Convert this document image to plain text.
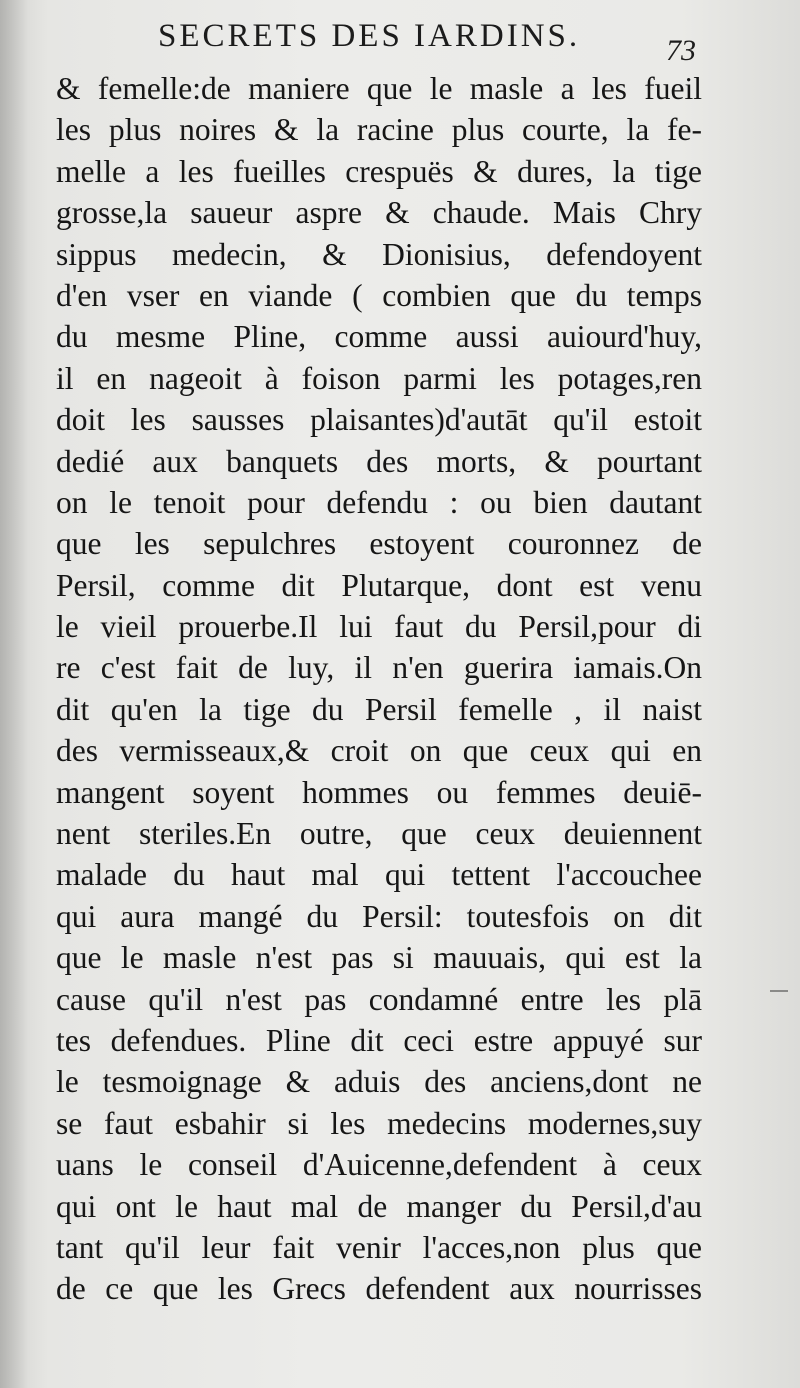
SECRETS DES IARDINS.	73
& femelle:de maniere que le masle a les fueil
les plus noires & la racine plus courte, la fe-
melle a les fueilles crespuës & dures, la tige
grosse,la saueur aspre & chaude. Mais Chry
sippus medecin, & Dionisius, defendoyent
d'en vser en viande ( combien que du temps
du mesme Pline, comme aussi auiourd'huy,
il en nageoit à foison parmi les potages,ren
doit les sausses plaisantes)d'autāt qu'il estoit
dedié aux banquets des morts, & pourtant
on le tenoit pour defendu : ou bien dautant
que les sepulchres estoyent couronnez de
Persil, comme dit Plutarque, dont est venu
le vieil prouerbe.Il lui faut du Persil,pour di
re c'est fait de luy, il n'en guerira iamais.On
dit qu'en la tige du Persil femelle , il naist
des vermisseaux,& croit on que ceux qui en
mangent soyent hommes ou femmes deuiē-
nent steriles.En outre, que ceux deuiennent
malade du haut mal qui tettent l'accouchee
qui aura mangé du Persil: toutesfois on dit
que le masle n'est pas si mauuais, qui est la
cause qu'il n'est pas condamné entre les plā
tes defendues. Pline dit ceci estre appuyé sur
le tesmoignage & aduis des anciens,dont ne
se faut esbahir si les medecins modernes,suy
uans le conseil d'Auicenne,defendent à ceux
qui ont le haut mal de manger du Persil,d'au
tant qu'il leur fait venir l'acces,non plus que
de ce que les Grecs defendent aux nourrisses
